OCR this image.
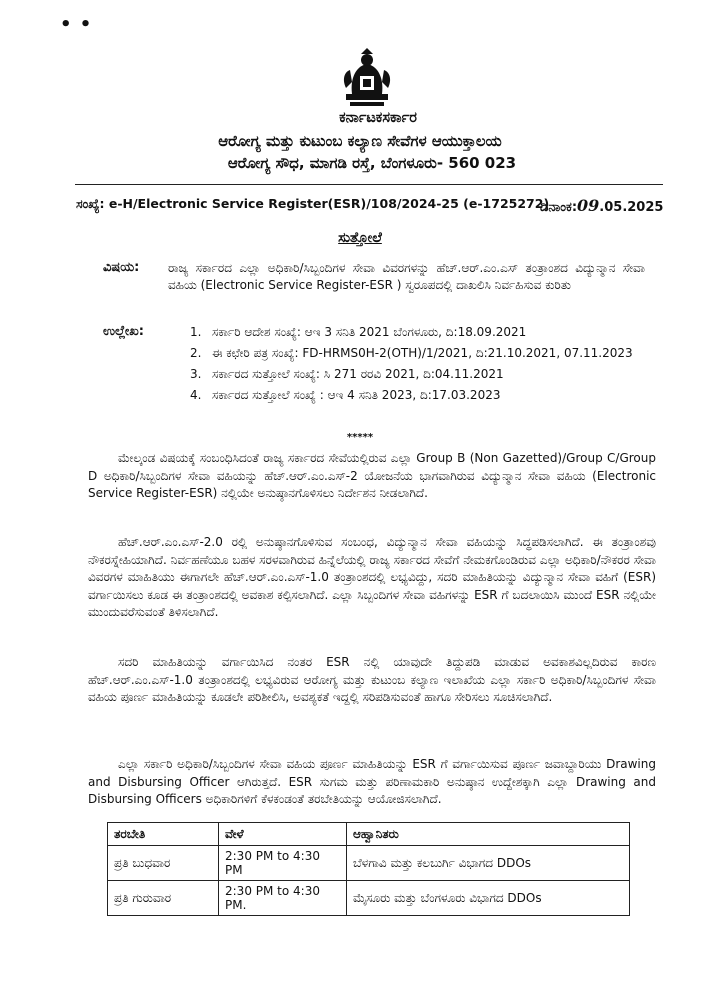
• •
ಕರ್ನಾಟಕಸರ್ಕಾರ
ಆರೋಗ್ಯ ಮತ್ತು ಕುಟುಂಬ ಕಲ್ಯಾಣ ಸೇವೆಗಳ ಆಯುಕ್ತಾಲಯ
ಆರೋಗ್ಯ ಸೌಧ, ಮಾಗಡಿ ರಸ್ತೆ, ಬೆಂಗಳೂರು- 560 023
ಸಂಖ್ಯೆ: e-H/Electronic Service Register(ESR)/108/2024-25 (e-1725272)
ದಿನಾಂಕ:09.05.2025
ಸುತ್ತೋಲೆ
ವಿಷಯ: ರಾಜ್ಯ ಸರ್ಕಾರದ ಎಲ್ಲಾ ಅಧಿಕಾರಿ/ಸಿಬ್ಬಂದಿಗಳ ಸೇವಾ ವಿವರಗಳನ್ನು ಹೆಚ್.ಆರ್.ಎಂ.ಎಸ್ ತಂತ್ರಾಂಶದ ವಿದ್ಯುನ್ಮಾನ ಸೇವಾ ವಹಿಯ (Electronic Service Register-ESR ) ಸ್ವರೂಪದಲ್ಲಿ ದಾಖಲಿಸಿ ನಿರ್ವಹಿಸುವ ಕುರಿತು
ಉಲ್ಲೇಖ:	1. ಸರ್ಕಾರಿ ಆದೇಶ ಸಂಖ್ಯೆ: ಆಇ 3 ಸನಿತಿ 2021 ಬೆಂಗಳೂರು, ದಿ:18.09.2021
2. ಈ ಕಛೇರಿ ಪತ್ರ ಸಂಖ್ಯೆ: FD-HRMS0H-2(OTH)/1/2021, ದಿ:21.10.2021, 07.11.2023
3. ಸರ್ಕಾರದ ಸುತ್ತೋಲೆ ಸಂಖ್ಯೆ: ಸಿ 271 ರರವಿ 2021, ದಿ:04.11.2021
4. ಸರ್ಕಾರದ ಸುತ್ತೋಲೆ ಸಂಖ್ಯೆ : ಆಇ 4 ಸನಿತಿ 2023, ದಿ:17.03.2023
*****
ಮೇಲ್ಕಂಡ ವಿಷಯಕ್ಕೆ ಸಂಬಂಧಿಸಿದಂತೆ ರಾಜ್ಯ ಸರ್ಕಾರದ ಸೇವೆಯಲ್ಲಿರುವ ಎಲ್ಲಾ Group B (Non Gazetted)/Group C/Group D ಅಧಿಕಾರಿ/ಸಿಬ್ಬಂದಿಗಳ ಸೇವಾ ವಹಿಯನ್ನು ಹೆಚ್.ಆರ್.ಎಂ.ಎಸ್-2 ಯೋಜನೆಯ ಭಾಗವಾಗಿರುವ ವಿದ್ಯುನ್ಮಾನ ಸೇವಾ ವಹಿಯ (Electronic Service Register-ESR) ನಲ್ಲಿಯೇ ಅನುಷ್ಠಾನಗೊಳಿಸಲು ನಿರ್ದೇಶನ ನೀಡಲಾಗಿದೆ.
ಹೆಚ್.ಆರ್.ಎಂ.ಎಸ್-2.0 ರಲ್ಲಿ ಅನುಷ್ಠಾನಗೊಳಿಸುವ ಸಂಬಂಧ, ವಿದ್ಯುನ್ಮಾನ ಸೇವಾ ವಹಿಯನ್ನು ಸಿದ್ಧಪಡಿಸಲಾಗಿದೆ. ಈ ತಂತ್ರಾಂಶವು ನೌಕರಸ್ನೇಹಿಯಾಗಿದೆ. ನಿರ್ವಹಣೆಯೂ ಬಹಳ ಸರಳವಾಗಿರುವ ಹಿನ್ನೆಲೆಯಲ್ಲಿ ರಾಜ್ಯ ಸರ್ಕಾರದ ಸೇವೆಗೆ ನೇಮಕಗೊಂಡಿರುವ ಎಲ್ಲಾ ಅಧಿಕಾರಿ/ನೌಕರರ ಸೇವಾ ವಿವರಗಳ ಮಾಹಿತಿಯು ಈಗಾಗಲೇ ಹೆಚ್.ಆರ್.ಎಂ.ಎಸ್-1.0 ತಂತ್ರಾಂಶದಲ್ಲಿ ಲಭ್ಯವಿದ್ದು, ಸದರಿ ಮಾಹಿತಿಯನ್ನು ವಿದ್ಯುನ್ಮಾನ ಸೇವಾ ವಹಿಗೆ (ESR) ವರ್ಗಾಯಿಸಲು ಕೂಡ ಈ ತಂತ್ರಾಂಶದಲ್ಲಿ ಅವಕಾಶ ಕಲ್ಪಿಸಲಾಗಿದೆ. ಎಲ್ಲಾ ಸಿಬ್ಬಂದಿಗಳ ಸೇವಾ ವಹಿಗಳನ್ನು ESR ಗೆ ಬದಲಾಯಿಸಿ ಮುಂದೆ ESR ನಲ್ಲಿಯೇ ಮುಂದುವರೆಸುವಂತೆ ತಿಳಿಸಲಾಗಿದೆ.
ಸದರಿ ಮಾಹಿತಿಯನ್ನು ವರ್ಗಾಯಿಸಿದ ನಂತರ ESR ನಲ್ಲಿ ಯಾವುದೇ ತಿದ್ದುಪಡಿ ಮಾಡುವ ಅವಕಾಶವಿಲ್ಲದಿರುವ ಕಾರಣ ಹೆಚ್.ಆರ್.ಎಂ.ಎಸ್-1.0 ತಂತ್ರಾಂಶದಲ್ಲಿ ಲಭ್ಯವಿರುವ ಆರೋಗ್ಯ ಮತ್ತು ಕುಟುಂಬ ಕಲ್ಯಾಣ ಇಲಾಖೆಯ ಎಲ್ಲಾ ಸರ್ಕಾರಿ ಅಧಿಕಾರಿ/ಸಿಬ್ಬಂದಿಗಳ ಸೇವಾ ವಹಿಯ ಪೂರ್ಣ ಮಾಹಿತಿಯನ್ನು ಕೂಡಲೇ ಪರಿಶೀಲಿಸಿ, ಅವಶ್ಯಕತೆ ಇದ್ದಲ್ಲಿ ಸರಿಪಡಿಸುವಂತೆ ಹಾಗೂ ಸೇರಿಸಲು ಸೂಚಿಸಲಾಗಿದೆ.
ಎಲ್ಲಾ ಸರ್ಕಾರಿ ಅಧಿಕಾರಿ/ಸಿಬ್ಬಂದಿಗಳ ಸೇವಾ ವಹಿಯ ಪೂರ್ಣ ಮಾಹಿತಿಯನ್ನು ESR ಗೆ ವರ್ಗಾಯಿಸುವ ಪೂರ್ಣ ಜವಾಬ್ದಾರಿಯು Drawing and Disbursing Officer ಆಗಿರುತ್ತದೆ. ESR ಸುಗಮ ಮತ್ತು ಪರಿಣಾಮಕಾರಿ ಅನುಷ್ಠಾನ ಉದ್ದೇಶಕ್ಕಾಗಿ ಎಲ್ಲಾ Drawing and Disbursing Officers ಅಧಿಕಾರಿಗಳಿಗೆ ಕೆಳಕಂಡಂತೆ ತರಬೇತಿಯನ್ನು ಆಯೋಜಿಸಲಾಗಿದೆ.
ತರಬೇತಿ	ವೇಳೆ	ಆಹ್ವಾನಿತರು
ಪ್ರತಿ ಬುಧವಾರ	2:30 PM to 4:30 PM	ಬೆಳಗಾವಿ ಮತ್ತು ಕಲಬುರ್ಗಿ ವಿಭಾಗದ DDOs
ಪ್ರತಿ ಗುರುವಾರ	2:30 PM to 4:30 PM.	ಮೈಸೂರು ಮತ್ತು ಬೆಂಗಳೂರು ವಿಭಾಗದ DDOs
